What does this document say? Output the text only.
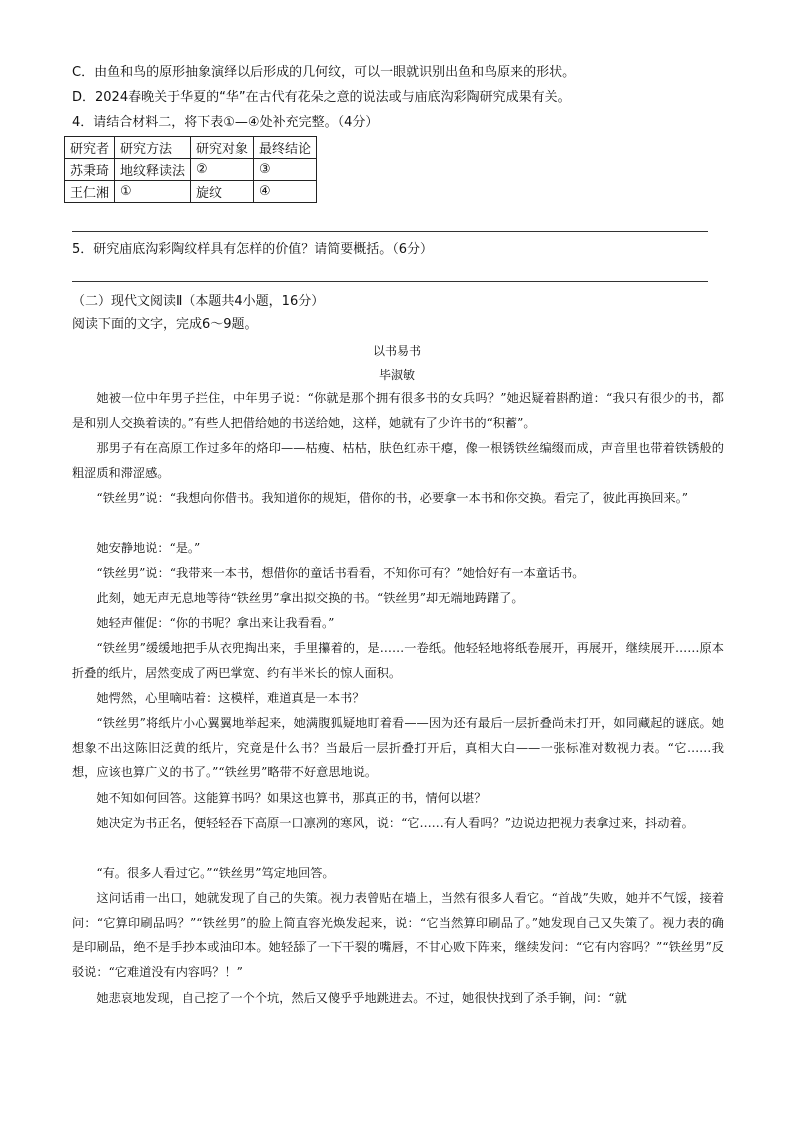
C．由鱼和鸟的原形抽象演绎以后形成的几何纹，可以一眼就识别出鱼和鸟原来的形状。
D．2024春晚关于华夏的“华”在古代有花朵之意的说法或与庙底沟彩陶研究成果有关。
4．请结合材料二，将下表①—④处补充完整。（4分）
研究者	研究方法	研究对象	最终结论
苏秉琦	地纹释读法	②	③
王仁湘	①	旋纹	④
5．研究庙底沟彩陶纹样具有怎样的价值？请简要概括。（6分）
（二）现代文阅读Ⅱ（本题共4小题，16分）
阅读下面的文字，完成6～9题。
以书易书
毕淑敏
她被一位中年男子拦住，中年男子说：“你就是那个拥有很多书的女兵吗？”她迟疑着斟酌道：“我只有很少的书，都是和别人交换着读的。”有些人把借给她的书送给她，这样，她就有了少许书的“积蓄”。
那男子有在高原工作过多年的烙印——枯瘦、枯枯，肤色红赤干瘪，像一根锈铁丝编缀而成，声音里也带着铁锈般的粗涩质和滞涩感。
“铁丝男”说：“我想向你借书。我知道你的规矩，借你的书，必要拿一本书和你交换。看完了，彼此再换回来。”
她安静地说：“是。”
“铁丝男”说：“我带来一本书，想借你的童话书看看，不知你可有？”她恰好有一本童话书。
此刻，她无声无息地等待“铁丝男”拿出拟交换的书。“铁丝男”却无端地踌躇了。
她轻声催促：“你的书呢？拿出来让我看看。”
“铁丝男”缓缓地把手从衣兜掏出来，手里攥着的，是……一卷纸。他轻轻地将纸卷展开，再展开，继续展开……原本折叠的纸片，居然变成了两巴掌宽、约有半米长的惊人面积。
她愕然，心里嘀咕着：这模样，难道真是一本书？
“铁丝男”将纸片小心翼翼地举起来，她满腹狐疑地盯着看——因为还有最后一层折叠尚未打开，如同藏起的谜底。她想象不出这陈旧泛黄的纸片，究竟是什么书？当最后一层折叠打开后，真相大白——一张标准对数视力表。“它……我想，应该也算广义的书了。”“铁丝男”略带不好意思地说。
她不知如何回答。这能算书吗？如果这也算书，那真正的书，情何以堪？
她决定为书正名，便轻轻吞下高原一口凛冽的寒风，说：“它……有人看吗？”边说边把视力表拿过来，抖动着。
“有。很多人看过它。”“铁丝男”笃定地回答。
这问话甫一出口，她就发现了自己的失策。视力表曾贴在墙上，当然有很多人看它。“首战”失败，她并不气馁，接着问：“它算印刷品吗？”“铁丝男”的脸上简直容光焕发起来，说：“它当然算印刷品了。”她发现自己又失策了。视力表的确是印刷品，绝不是手抄本或油印本。她轻舔了一下干裂的嘴唇，不甘心败下阵来，继续发问：“它有内容吗？”“铁丝男”反驳说：“它难道没有内容吗？！”
她悲哀地发现，自己挖了一个个坑，然后又傻乎乎地跳进去。不过，她很快找到了杀手锏，问：“就
